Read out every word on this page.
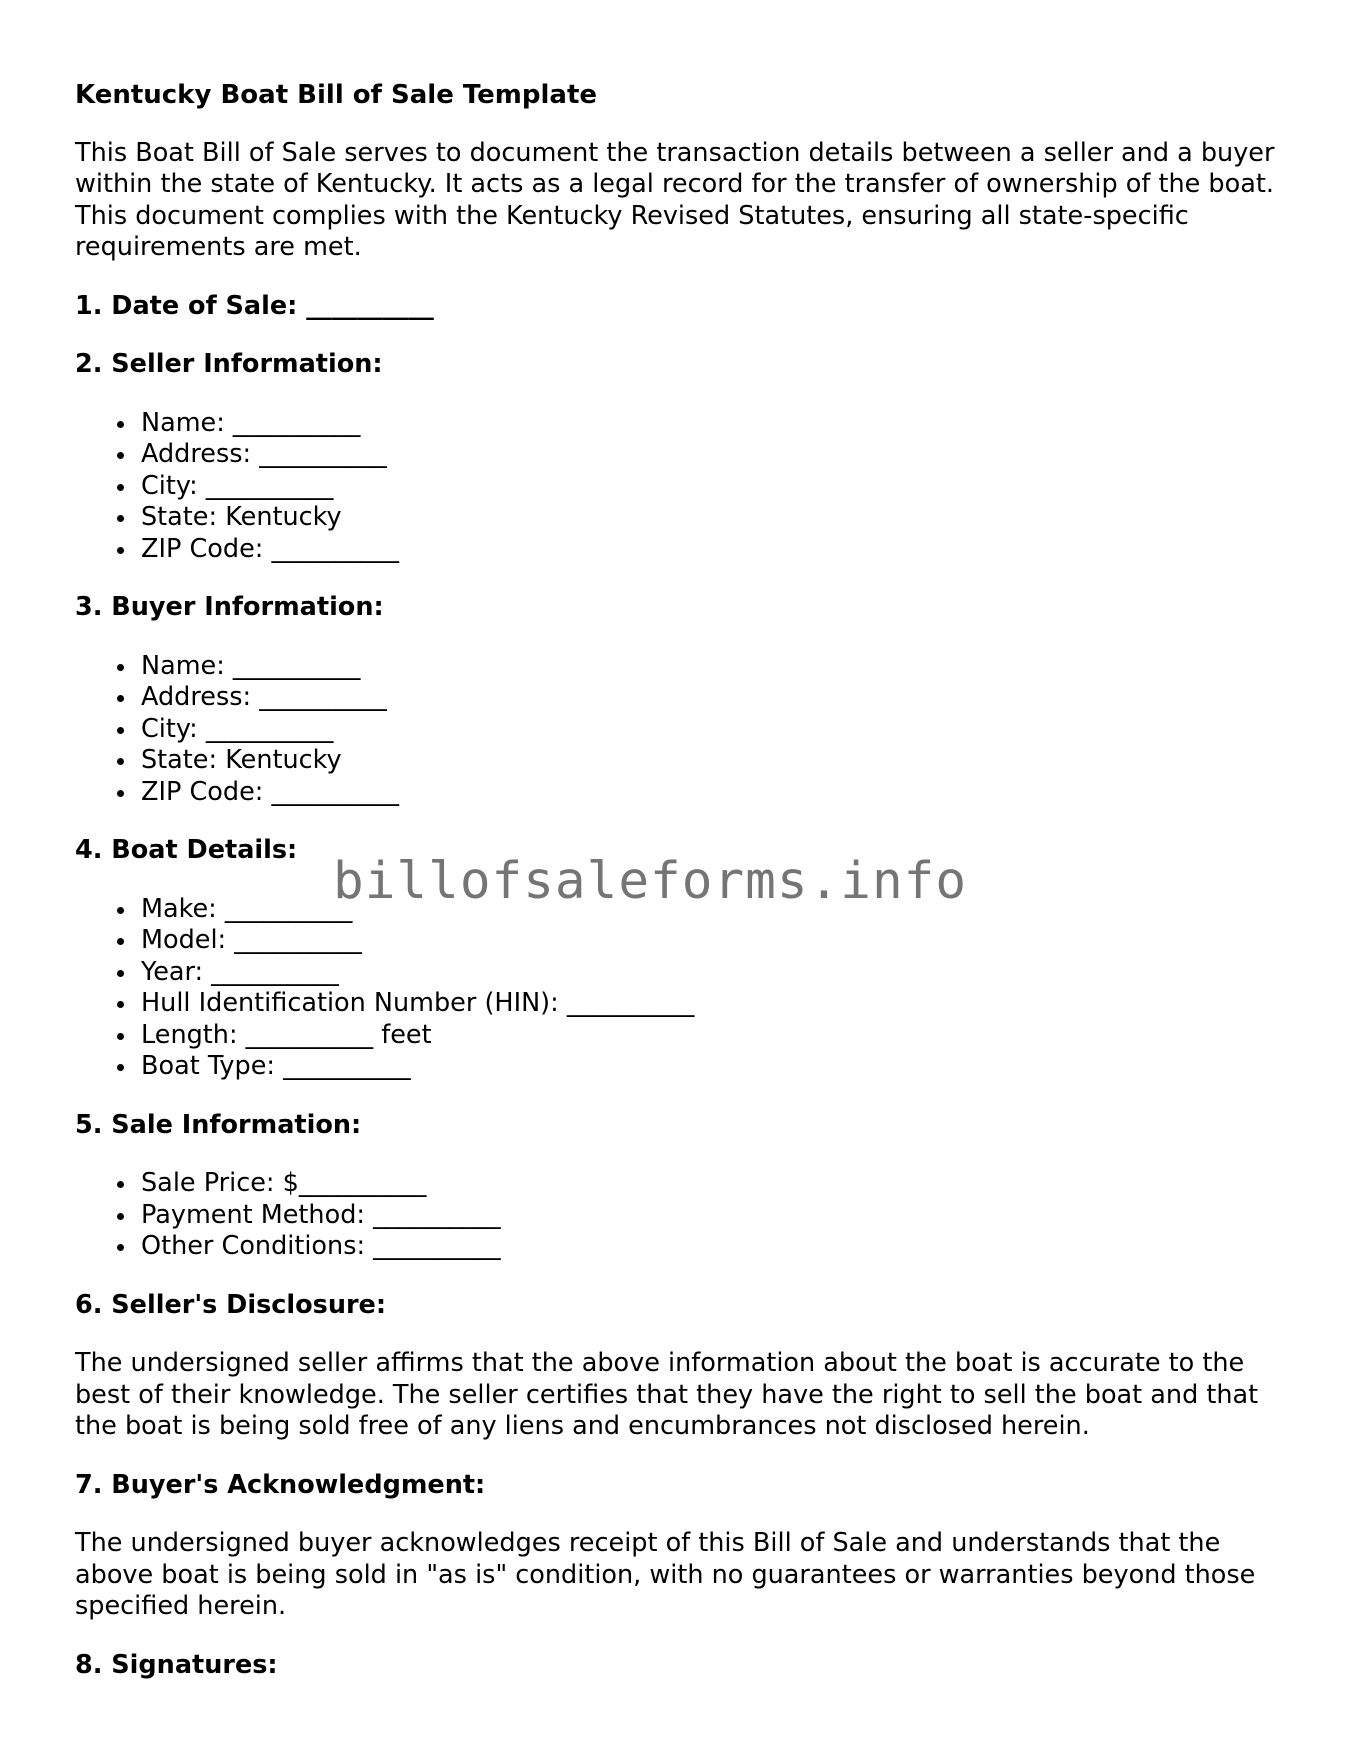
Kentucky Boat Bill of Sale Template
This Boat Bill of Sale serves to document the transaction details between a seller and a buyer within the state of Kentucky. It acts as a legal record for the transfer of ownership of the boat. This document complies with the Kentucky Revised Statutes, ensuring all state-specific requirements are met.
1. Date of Sale: __________
2. Seller Information:
Name: __________
Address: __________
City: __________
State: Kentucky
ZIP Code: __________
3. Buyer Information:
Name: __________
Address: __________
City: __________
State: Kentucky
ZIP Code: __________
4. Boat Details:
Make: __________
Model: __________
Year: __________
Hull Identification Number (HIN): __________
Length: __________ feet
Boat Type: __________
5. Sale Information:
Sale Price: $__________
Payment Method: __________
Other Conditions: __________
6. Seller's Disclosure:
The undersigned seller affirms that the above information about the boat is accurate to the best of their knowledge. The seller certifies that they have the right to sell the boat and that the boat is being sold free of any liens and encumbrances not disclosed herein.
7. Buyer's Acknowledgment:
The undersigned buyer acknowledges receipt of this Bill of Sale and understands that the above boat is being sold in "as is" condition, with no guarantees or warranties beyond those specified herein.
8. Signatures:
billofsaleforms.info
